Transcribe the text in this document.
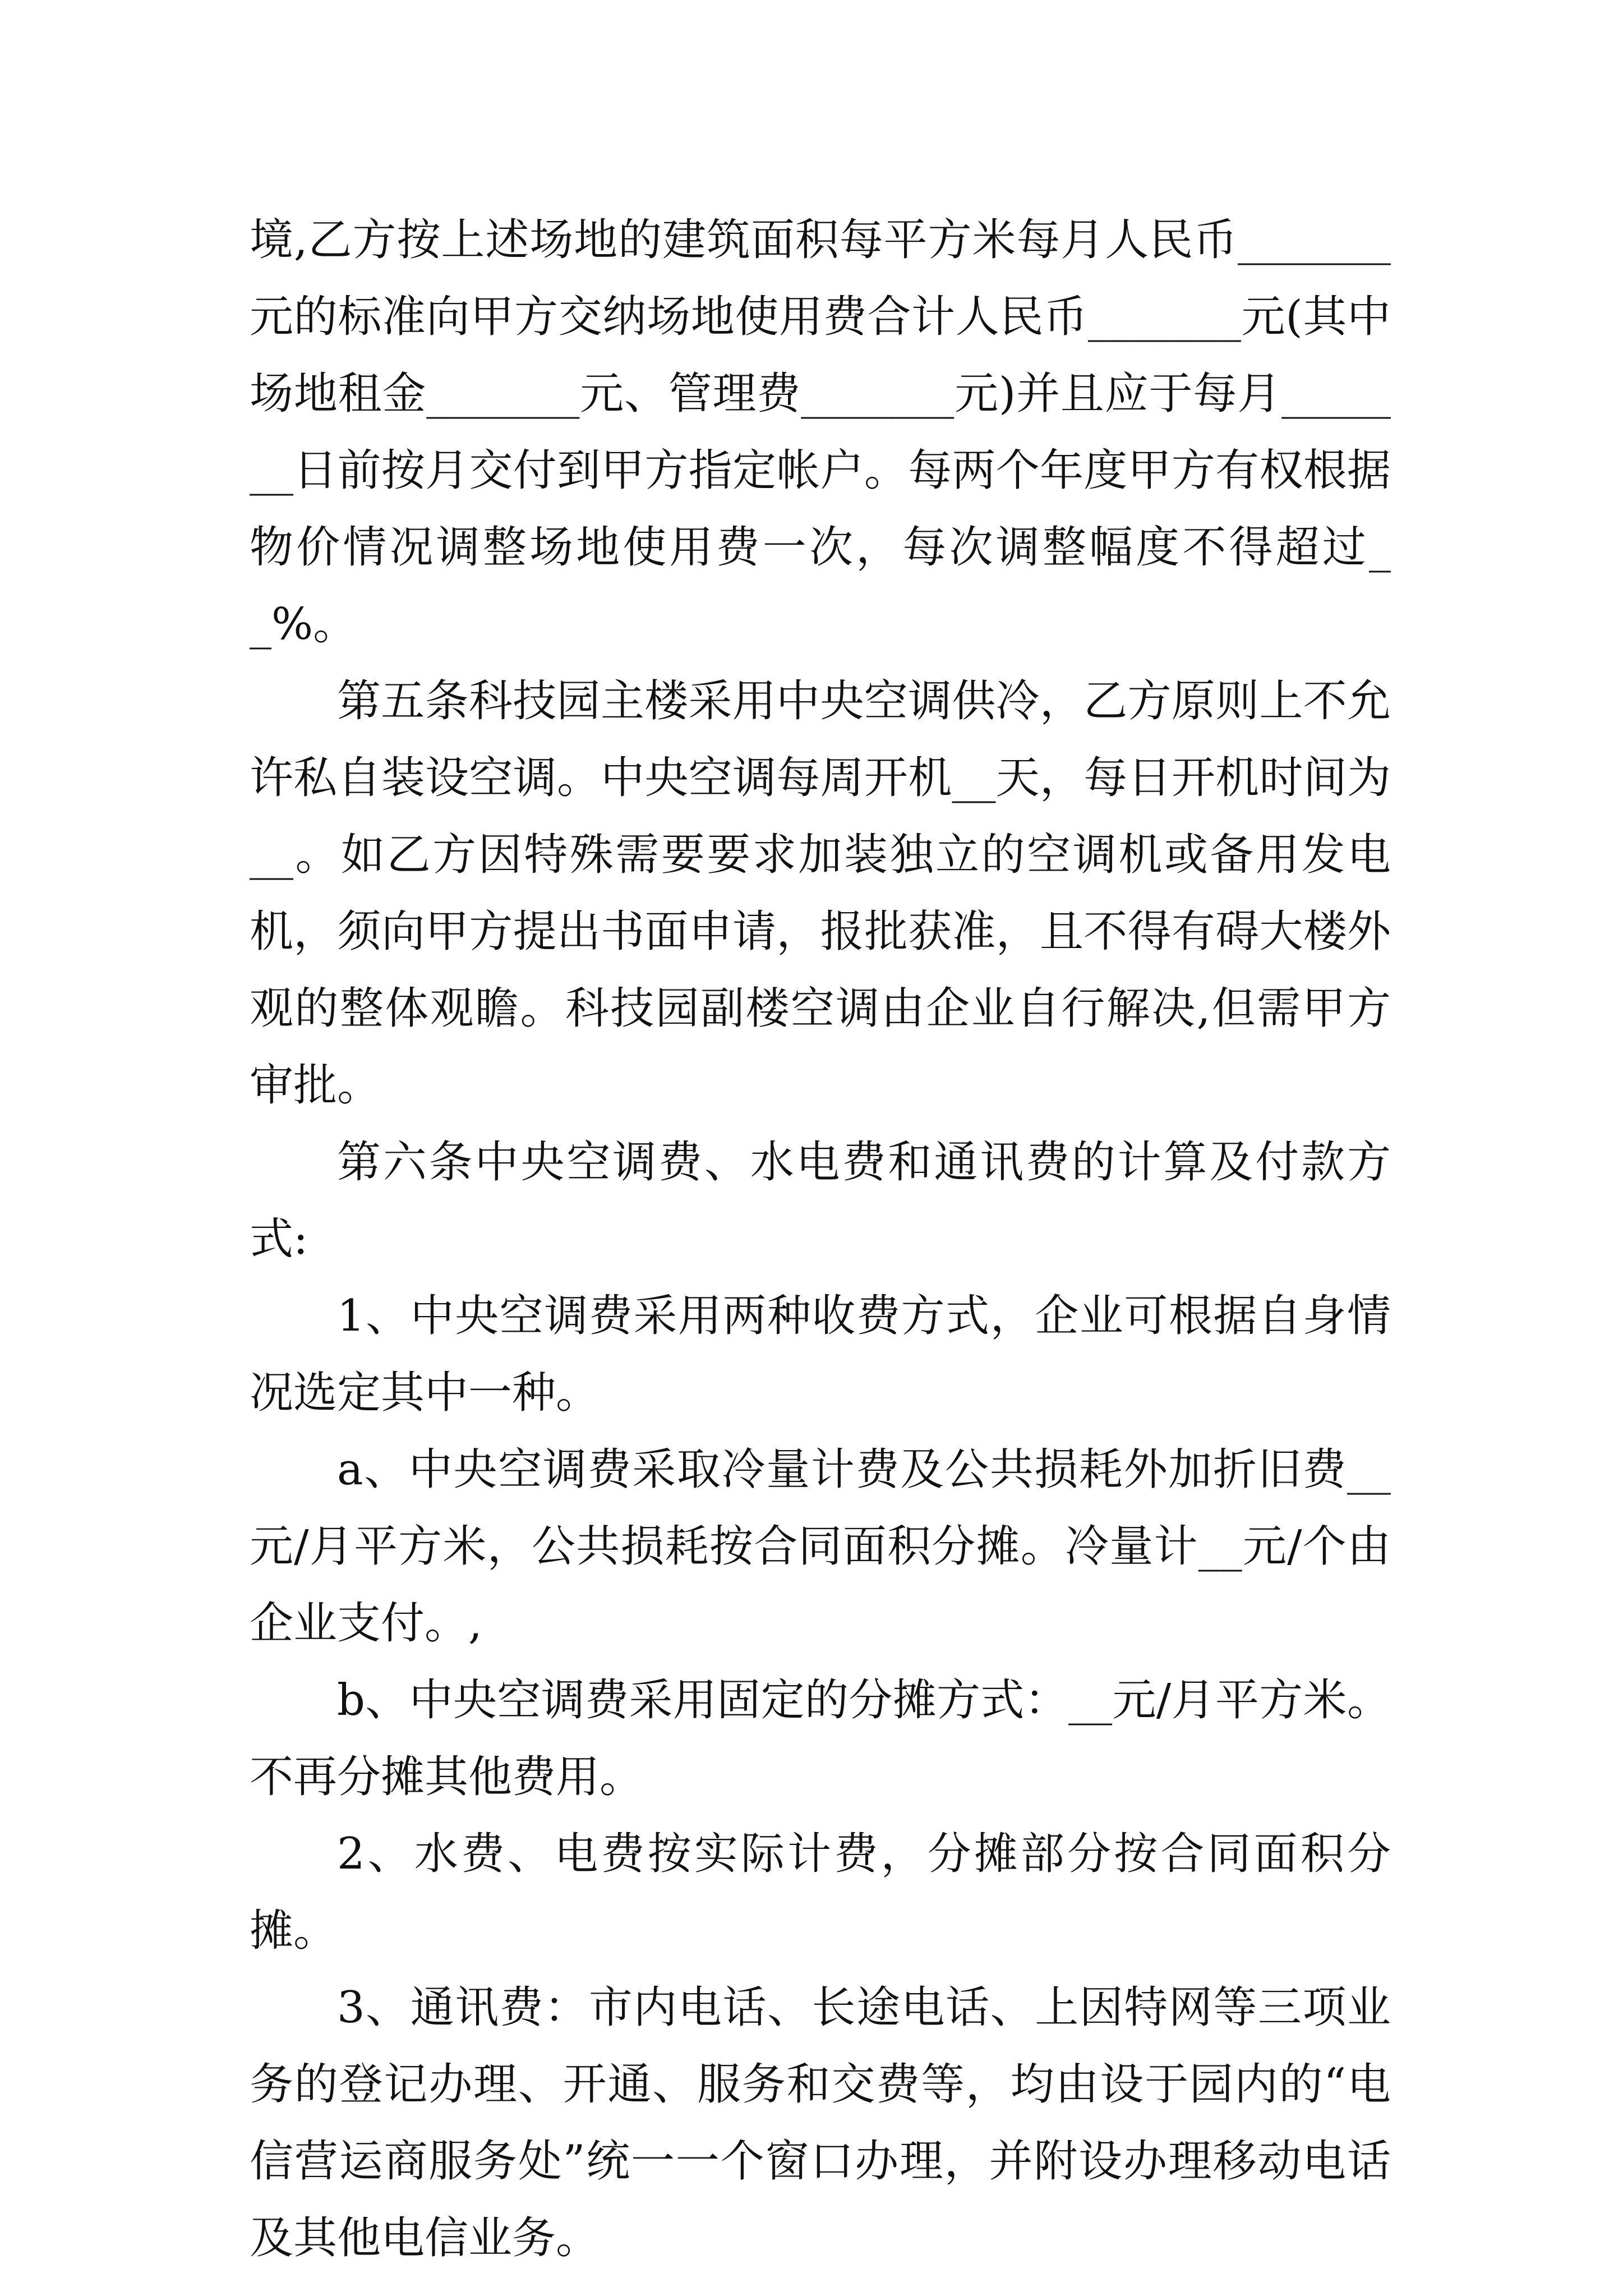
境,乙方按上述场地的建筑面积每平方米每月人民币_______元的标准向甲方交纳场地使用费合计人民币_______元(其中场地租金_______元、管理费_______元)并且应于每月_______日前按月交付到甲方指定帐户。每两个年度甲方有权根据物价情况调整场地使用费一次，每次调整幅度不得超过__%。

第五条科技园主楼采用中央空调供冷，乙方原则上不允许私自装设空调。中央空调每周开机__天，每日开机时间为__。如乙方因特殊需要要求加装独立的空调机或备用发电机，须向甲方提出书面申请，报批获准，且不得有碍大楼外观的整体观瞻。科技园副楼空调由企业自行解决,但需甲方审批。

第六条中央空调费、水电费和通讯费的计算及付款方式:

1、中央空调费采用两种收费方式，企业可根据自身情况选定其中一种。

a、中央空调费采取冷量计费及公共损耗外加折旧费__元/月平方米，公共损耗按合同面积分摊。冷量计__元/个由企业支付。,

b、中央空调费采用固定的分摊方式：__元/月平方米。不再分摊其他费用。

2、水费、电费按实际计费，分摊部分按合同面积分摊。

3、通讯费：市内电话、长途电话、上因特网等三项业务的登记办理、开通、服务和交费等，均由设于园内的“电信营运商服务处”统一一个窗口办理，并附设办理移动电话及其他电信业务。
